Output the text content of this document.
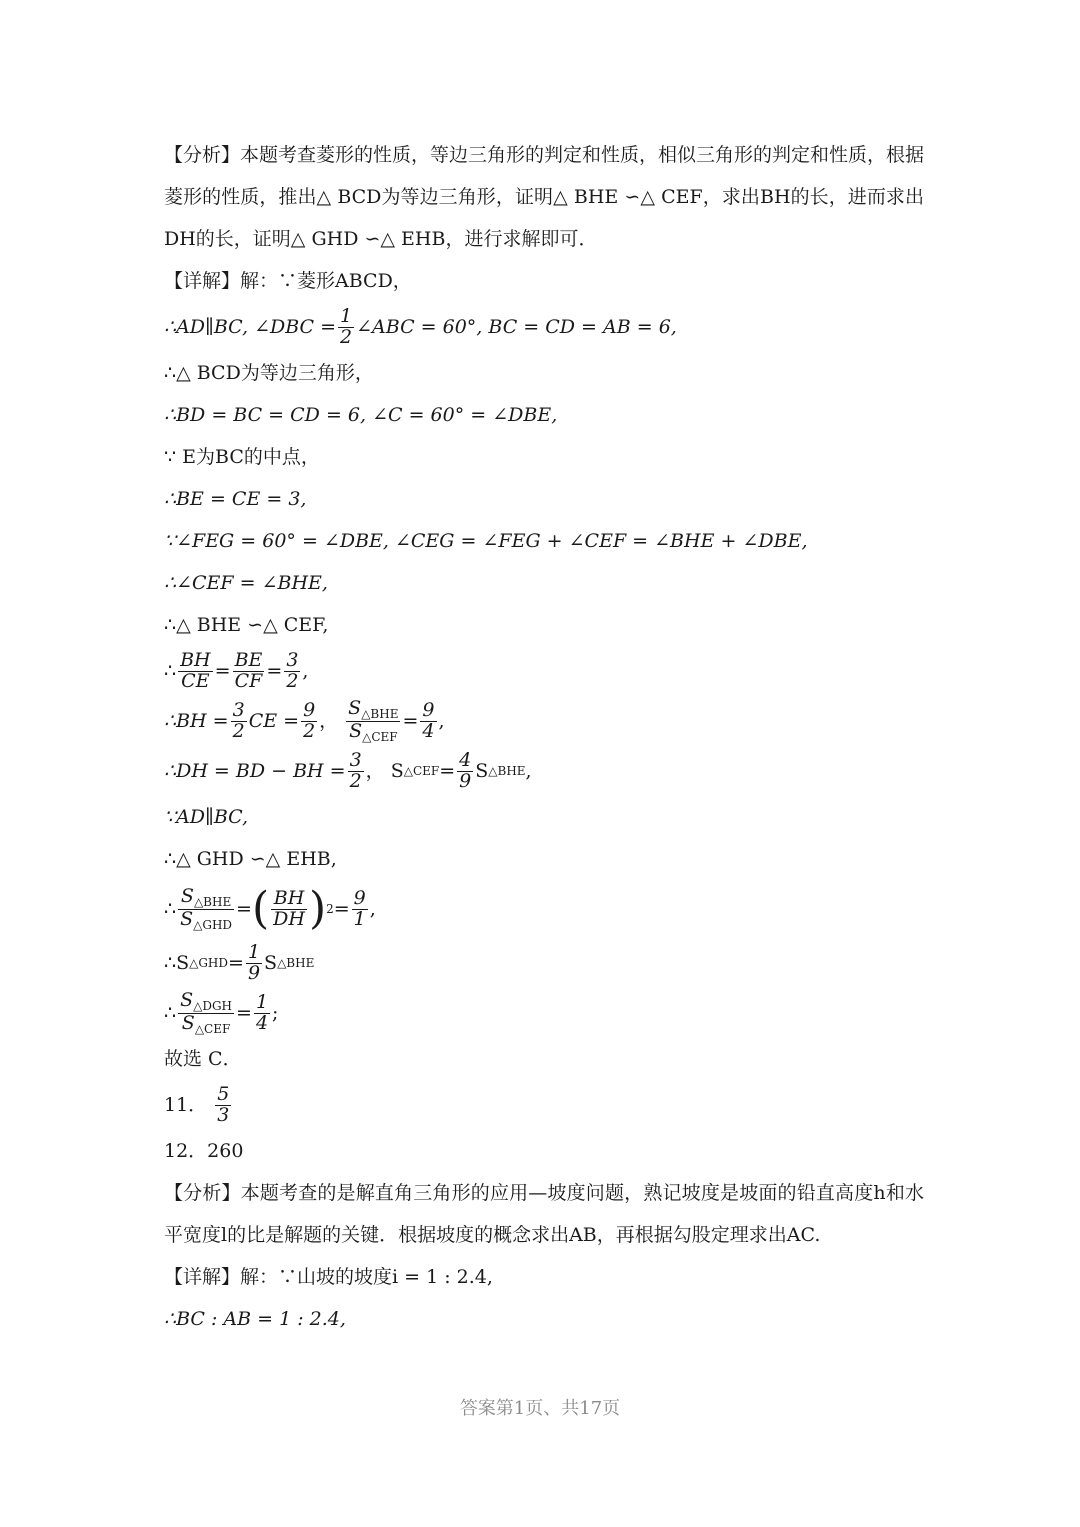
【分析】本题考查菱形的性质，等边三角形的判定和性质，相似三角形的判定和性质，根据菱形的性质，推出△ BCD为等边三角形，证明△ BHE ∽△ CEF，求出BH的长，进而求出DH的长，证明△ GHD ∽△ EHB，进行求解即可．

【详解】解：∵菱形ABCD，
∴AD∥BC, ∠DBC = $\frac{1}{2}$ ∠ABC = 60°, BC = CD = AB = 6,
∴△ BCD为等边三角形，
∴BD = BC = CD = 6, ∠C = 60° = ∠DBE,
∵ E为BC的中点，
∴BE = CE = 3,
∵∠FEG = 60° = ∠DBE, ∠CEG = ∠FEG + ∠CEF = ∠BHE + ∠DBE,
∴∠CEF = ∠BHE,
∴△ BHE ∽△ CEF,
∴ $\frac{BH}{CE} = \frac{BE}{CF} = \frac{3}{2}$ ,
∴BH = $\frac{3}{2}$ CE = $\frac{9}{2}$ ， $\frac{S_{\triangle BHE}}{S_{\triangle CEF}} = \frac{9}{4}$ ,
∴DH = BD − BH = $\frac{3}{2}$ ， S △CEF = $\frac{4}{9}$ S △BHE ,
∵AD∥BC,
∴△ GHD ∽△ EHB,
∴ $\frac{S_{\triangle BHE}}{S_{\triangle GHD}}$ = ( $\frac{BH}{DH}$ ) $2 = \frac{9}{1}$ ,
∴S △GHD = $\frac{1}{9}$ S △BHE
∴ $\frac{S_{\triangle DGH}}{S_{\triangle CEF}} = \frac{1}{4}$ ;
故选 C．
11． $\frac{5}{3}$
12．260

【分析】本题考查的是解直角三角形的应用—坡度问题，熟记坡度是坡面的铅直高度h和水平宽度l的比是解题的关键．根据坡度的概念求出AB，再根据勾股定理求出AC.

【详解】解：∵山坡的坡度i = 1 : 2.4,
∴BC : AB = 1 : 2.4,
答案第1页、共17页
